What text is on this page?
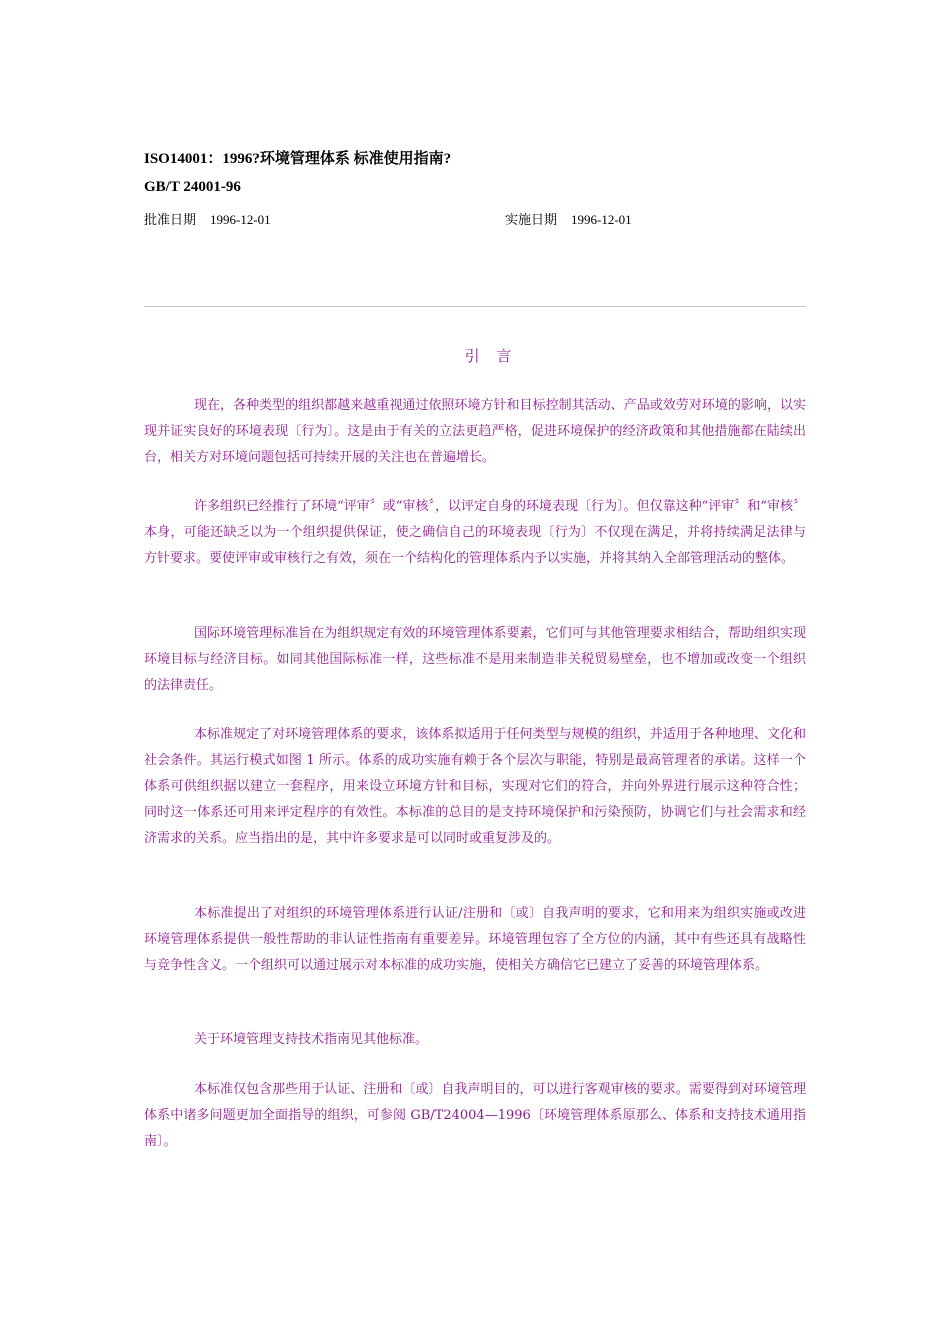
ISO14001：1996?环境管理体系 标准使用指南?
GB/T 24001-96
批准日期 1996-12-01	实施日期 1996-12-01
引 言

现在，各种类型的组织都越来越重视通过依照环境方针和目标控制其活动、产品或效劳对环境的影响，以实现并证实良好的环境表现〔行为〕。这是由于有关的立法更趋严格，促进环境保护的经济政策和其他措施都在陆续出台，相关方对环境问题包括可持续开展的关注也在普遍增长。

许多组织已经推行了环境“评审〞或“审核〞，以评定自身的环境表现〔行为〕。但仅靠这种“评审〞和“审核〞本身，可能还缺乏以为一个组织提供保证，使之确信自己的环境表现〔行为〕不仅现在满足，并将持续满足法律与方针要求。要使评审或审核行之有效，须在一个结构化的管理体系内予以实施，并将其纳入全部管理活动的整体。

国际环境管理标准旨在为组织规定有效的环境管理体系要素，它们可与其他管理要求相结合，帮助组织实现环境目标与经济目标。如同其他国际标准一样，这些标准不是用来制造非关税贸易壁垒，也不增加或改变一个组织的法律责任。

本标准规定了对环境管理体系的要求，该体系拟适用于任何类型与规模的组织，并适用于各种地理、文化和社会条件。其运行模式如图 1 所示。体系的成功实施有赖于各个层次与职能，特别是最高管理者的承诺。这样一个体系可供组织据以建立一套程序，用来设立环境方针和目标，实现对它们的符合，并向外界进行展示这种符合性；同时这一体系还可用来评定程序的有效性。本标准的总目的是支持环境保护和污染预防，协调它们与社会需求和经济需求的关系。应当指出的是，其中许多要求是可以同时或重复涉及的。

本标准提出了对组织的环境管理体系进行认证/注册和〔或〕自我声明的要求，它和用来为组织实施或改进环境管理体系提供一般性帮助的非认证性指南有重要差异。环境管理包容了全方位的内涵，其中有些还具有战略性与竞争性含义。一个组织可以通过展示对本标准的成功实施，使相关方确信它已建立了妥善的环境管理体系。

关于环境管理支持技术指南见其他标准。

本标准仅包含那些用于认证、注册和〔或〕自我声明目的，可以进行客观审核的要求。需要得到对环境管理体系中诸多问题更加全面指导的组织，可参阅 GB/T24004—1996〔环境管理体系原那么、体系和支持技术通用指南〕。
